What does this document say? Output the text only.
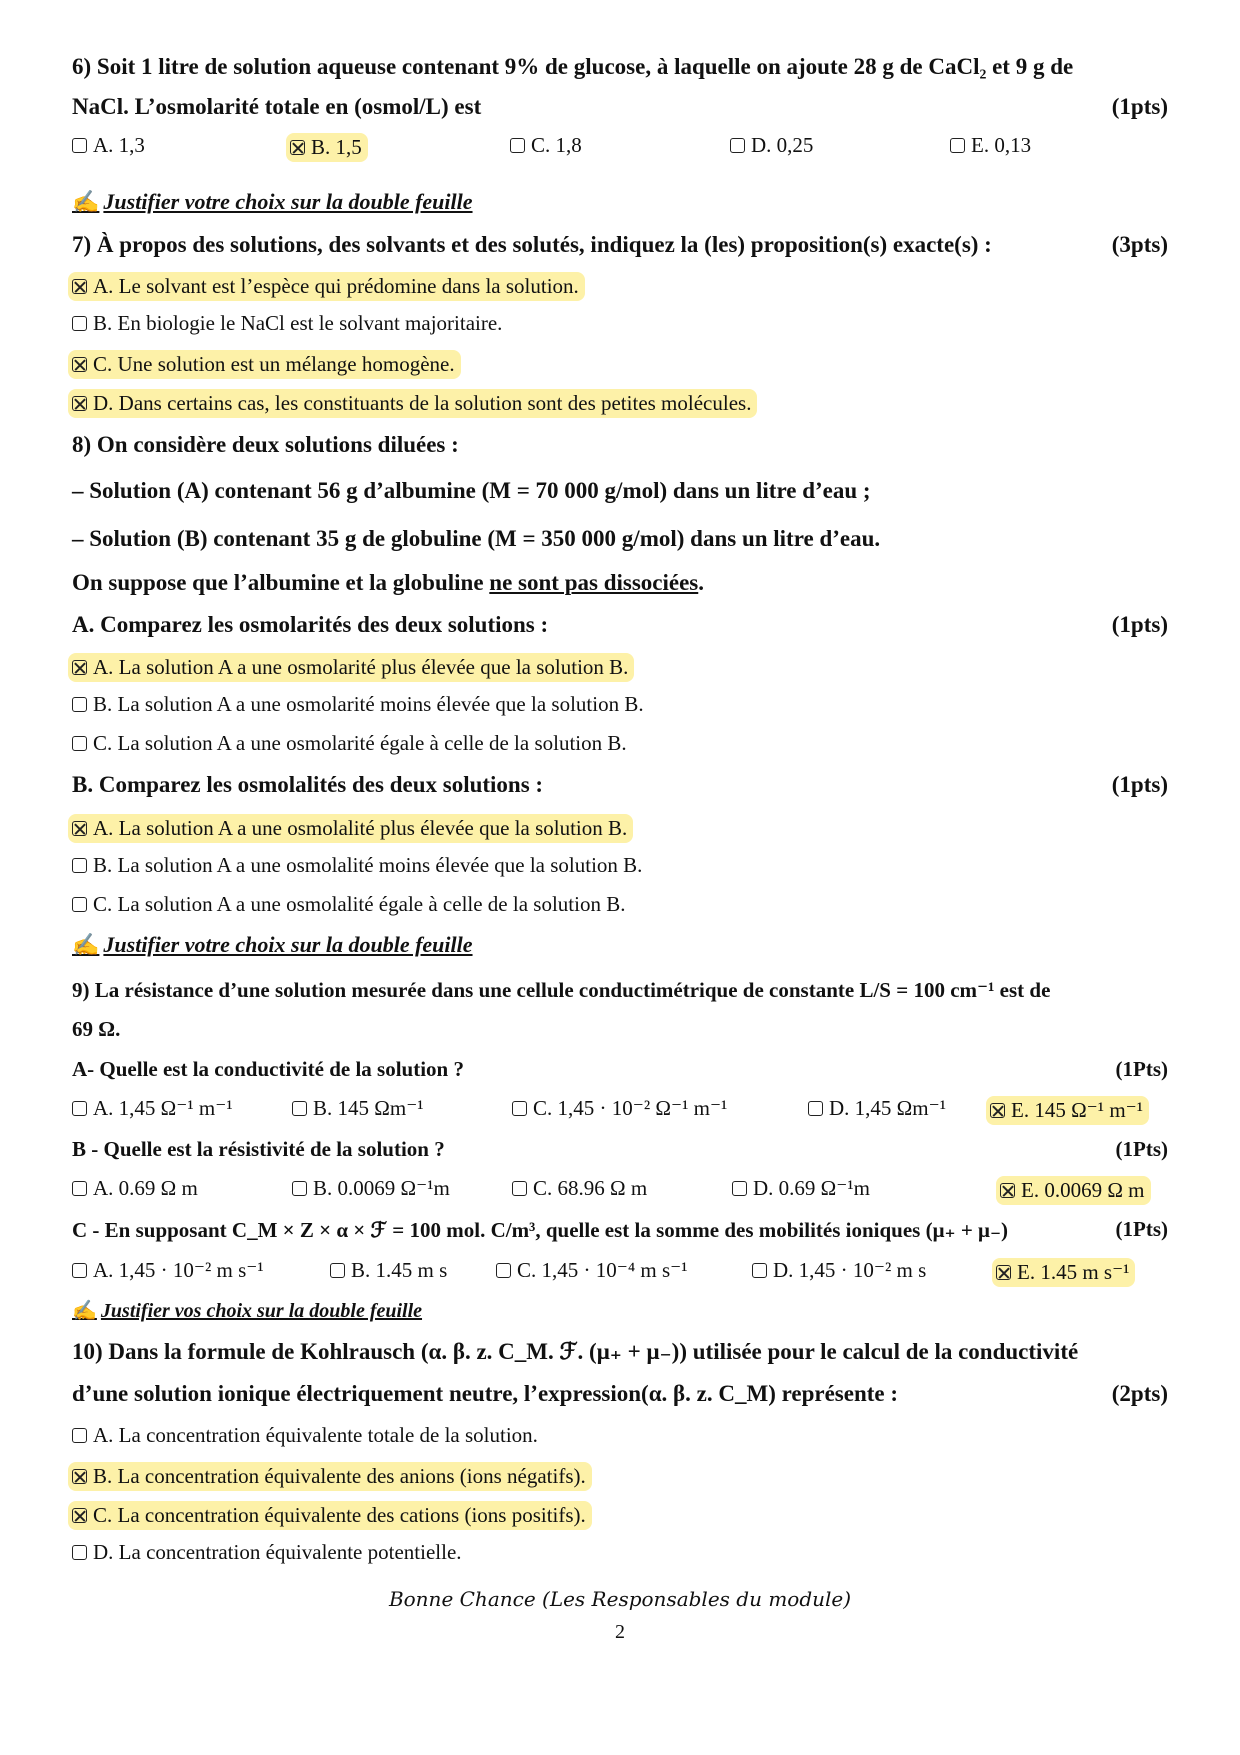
6) Soit 1 litre de solution aqueuse contenant 9% de glucose, à laquelle on ajoute 28 g de CaCl₂ et 9 g de
NaCl. L’osmolarité totale en (osmol/L) est	(1pts)
A. 1,3	B. 1,5	C. 1,8	D. 0,25	E. 0,13
✍ Justifier votre choix sur la double feuille
7) À propos des solutions, des solvants et des solutés, indiquez la (les) proposition(s) exacte(s) :	(3pts)
A. Le solvant est l’espèce qui prédomine dans la solution.
B. En biologie le NaCl est le solvant majoritaire.
C. Une solution est un mélange homogène.
D. Dans certains cas, les constituants de la solution sont des petites molécules.
8) On considère deux solutions diluées :
– Solution (A) contenant 56 g d’albumine (M = 70 000 g/mol) dans un litre d’eau ;
– Solution (B) contenant 35 g de globuline (M = 350 000 g/mol) dans un litre d’eau.
On suppose que l’albumine et la globuline ne sont pas dissociées.
A. Comparez les osmolarités des deux solutions :	(1pts)
A. La solution A a une osmolarité plus élevée que la solution B.
B. La solution A a une osmolarité moins élevée que la solution B.
C. La solution A a une osmolarité égale à celle de la solution B.
B. Comparez les osmolalités des deux solutions :	(1pts)
A. La solution A a une osmolalité plus élevée que la solution B.
B. La solution A a une osmolalité moins élevée que la solution B.
C. La solution A a une osmolalité égale à celle de la solution B.
✍ Justifier votre choix sur la double feuille
9) La résistance d’une solution mesurée dans une cellule conductimétrique de constante L/S = 100 cm⁻¹ est de
69 Ω.
A- Quelle est la conductivité de la solution ?	(1Pts)
A. 1,45 Ω⁻¹ m⁻¹	B. 145 Ωm⁻¹	C. 1,45 · 10⁻² Ω⁻¹ m⁻¹	D. 1,45 Ωm⁻¹	E. 145 Ω⁻¹ m⁻¹
B - Quelle est la résistivité de la solution ?	(1Pts)
A. 0.69 Ω m	B. 0.0069 Ω⁻¹m	C. 68.96 Ω m	D. 0.69 Ω⁻¹m	E. 0.0069 Ω m
C - En supposant C_M × Z × α × ℱ = 100 mol. C/m³, quelle est la somme des mobilités ioniques (μ₊ + μ₋)	(1Pts)
A. 1,45 · 10⁻² m s⁻¹	B. 1.45 m s	C. 1,45 · 10⁻⁴ m s⁻¹	D. 1,45 · 10⁻² m s	E. 1.45 m s⁻¹
✍ Justifier vos choix sur la double feuille
10) Dans la formule de Kohlrausch (α. β. z. C_M. ℱ. (μ₊ + μ₋)) utilisée pour le calcul de la conductivité
d’une solution ionique électriquement neutre, l’expression(α. β. z. C_M) représente :	(2pts)
A. La concentration équivalente totale de la solution.
B. La concentration équivalente des anions (ions négatifs).
C. La concentration équivalente des cations (ions positifs).
D. La concentration équivalente potentielle.
Bonne Chance (Les Responsables du module)
2
